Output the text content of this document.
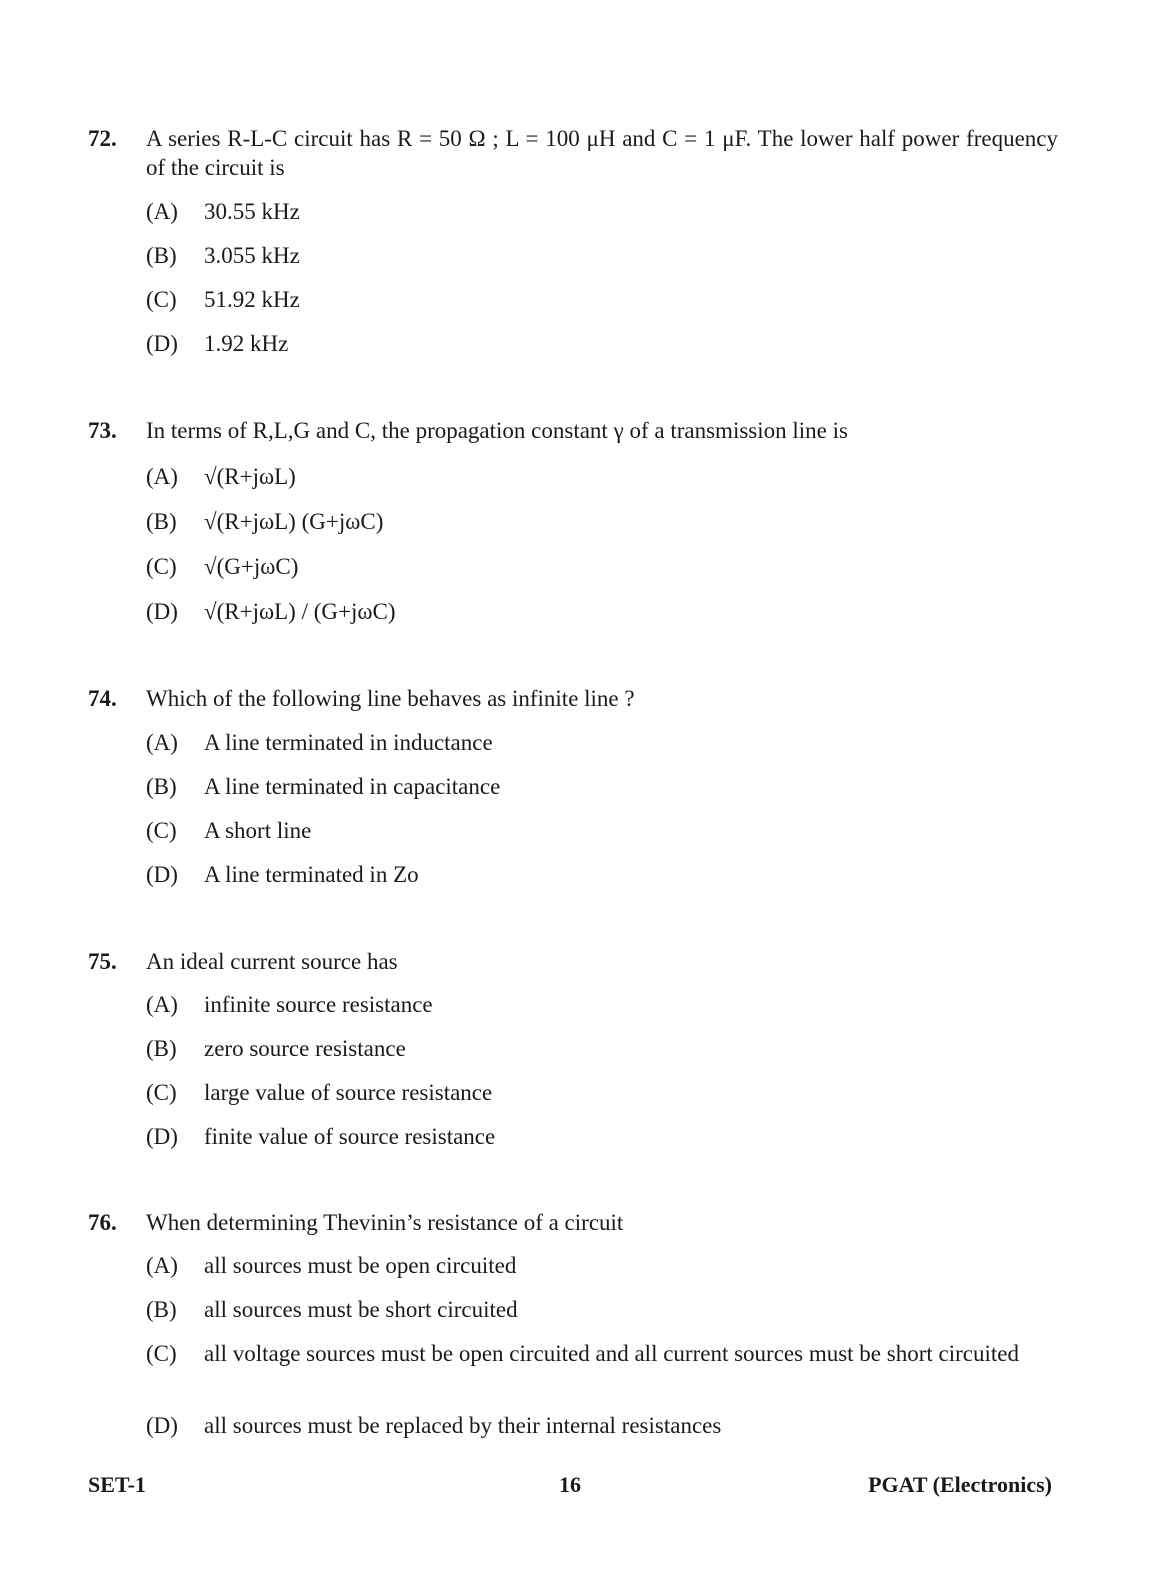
72.	A series R-L-C circuit has R = 50 Ω ; L = 100 μH and C = 1 μF. The lower half power frequency of the circuit is
(A)	30.55 kHz
(B)	3.055 kHz
(C)	51.92 kHz
(D)	1.92 kHz
73.	In terms of R,L,G and C, the propagation constant γ of a transmission line is
(A)	√(R+jωL)
(B)	√(R+jωL) (G+jωC)
(C)	√(G+jωC)
(D)	√(R+jωL) / (G+jωC)
74.	Which of the following line behaves as infinite line ?
(A)	A line terminated in inductance
(B)	A line terminated in capacitance
(C)	A short line
(D)	A line terminated in Zo
75.	An ideal current source has
(A)	infinite source resistance
(B)	zero source resistance
(C)	large value of source resistance
(D)	finite value of source resistance
76.	When determining Thevinin’s resistance of a circuit
(A)	all sources must be open circuited
(B)	all sources must be short circuited
(C)	all voltage sources must be open circuited and all current sources must be short circuited
(D)	all sources must be replaced by their internal resistances
SET-1	16	PGAT (Electronics)
